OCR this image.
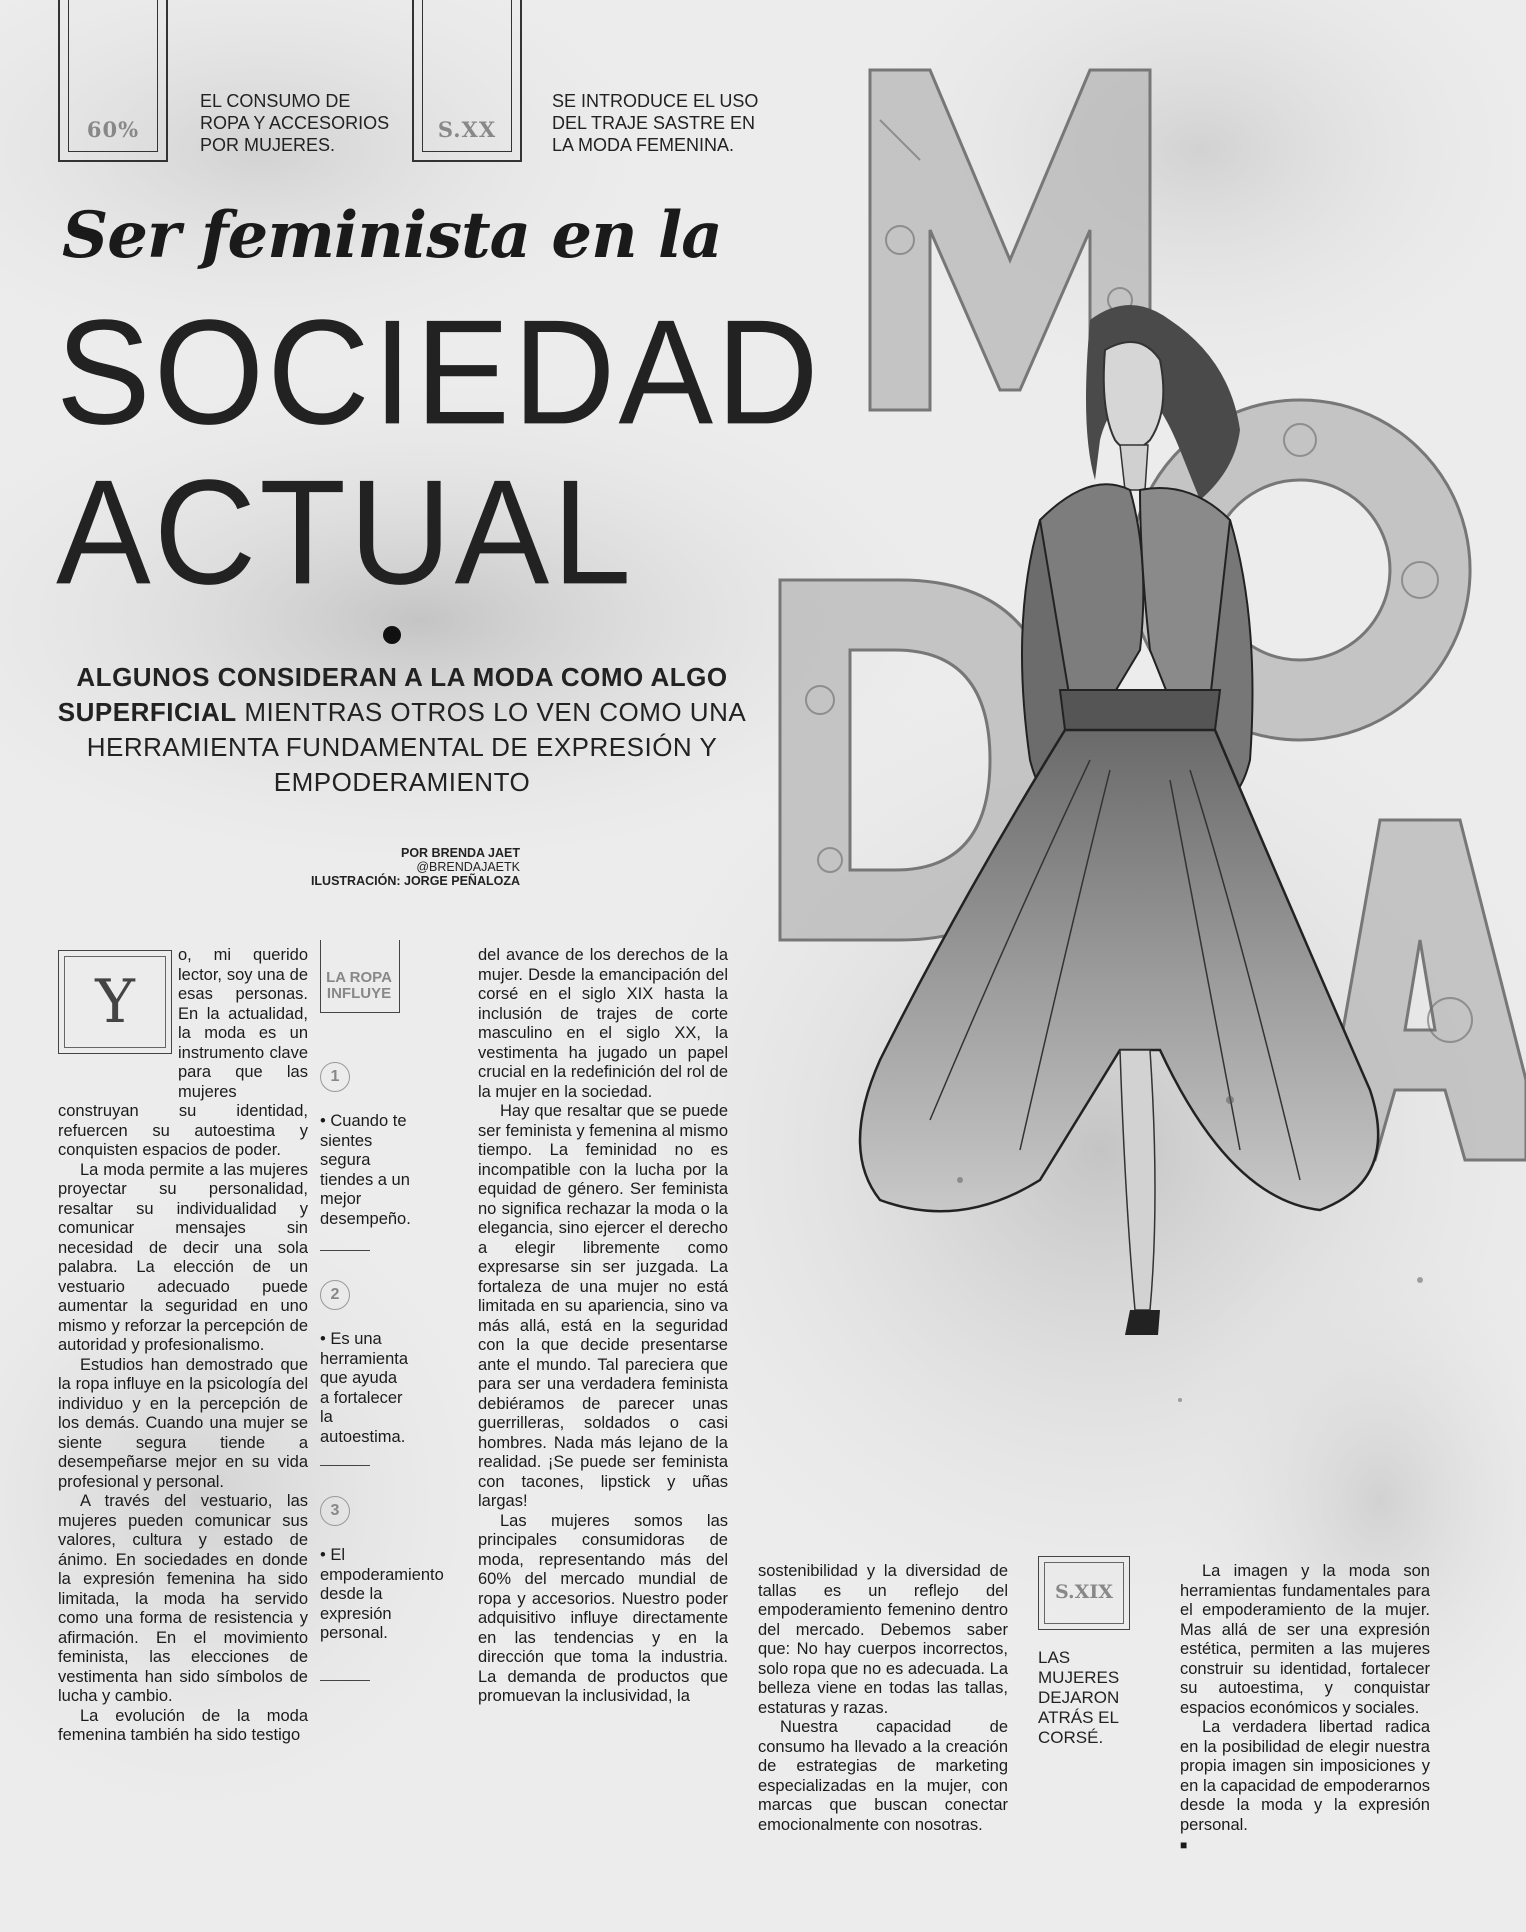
60%
EL CONSUMO DE
ROPA Y ACCESORIOS
POR MUJERES.
S.XX
SE INTRODUCE EL USO
DEL TRAJE SASTRE EN
LA MODA FEMENINA.
Ser feminista en la
SOCIEDAD
ACTUAL
ALGUNOS CONSIDERAN A LA MODA COMO ALGO SUPERFICIAL MIENTRAS OTROS LO VEN COMO UNA HERRAMIENTA FUNDAMENTAL DE EXPRESIÓN Y EMPODERAMIENTO
POR BRENDA JAET
@BRENDAJAETK
ILUSTRACIÓN: JORGE PEÑALOZA
Y

o, mi querido lector, soy una de esas personas. En la actualidad, la moda es un instrumento clave para que las mujeres construyan su identidad, refuercen su autoestima y conquisten espacios de poder.

La moda permite a las mujeres proyectar su personalidad, resaltar su individualidad y comunicar mensajes sin necesidad de decir una sola palabra. La elección de un vestuario adecuado puede aumentar la seguridad en uno mismo y reforzar la percepción de autoridad y profesionalismo.

Estudios han demostrado que la ropa influye en la psicología del individuo y en la percepción de los demás. Cuando una mujer se siente segura tiende a desempeñarse mejor en su vida profesional y personal.

A través del vestuario, las mujeres pueden comunicar sus valores, cultura y estado de ánimo. En sociedades en donde la expresión femenina ha sido limitada, la moda ha servido como una forma de resistencia y afirmación. En el movimiento feminista, las elecciones de vestimenta han sido símbolos de lucha y cambio.

La evolución de la moda femenina también ha sido testigo

LA ROPA INFLUYE
1
• Cuando te sientes segura tiendes a un mejor desempeño.
2
• Es una herramienta que ayuda a fortalecer la autoestima.
3
• El empoderamiento desde la expresión personal.

del avance de los derechos de la mujer. Desde la emancipación del corsé en el siglo XIX hasta la inclusión de trajes de corte masculino en el siglo XX, la vestimenta ha jugado un papel crucial en la redefinición del rol de la mujer en la sociedad.

Hay que resaltar que se puede ser feminista y femenina al mismo tiempo. La feminidad no es incompatible con la lucha por la equidad de género. Ser feminista no significa rechazar la moda o la elegancia, sino ejercer el derecho a elegir libremente como expresarse sin ser juzgada. La fortaleza de una mujer no está limitada en su apariencia, sino va más allá, está en la seguridad con la que decide presentarse ante el mundo. Tal pareciera que para ser una verdadera feminista debiéramos de parecer unas guerrilleras, soldados o casi hombres. Nada más lejano de la realidad. ¡Se puede ser feminista con tacones, lipstick y uñas largas!

Las mujeres somos las principales consumidoras de moda, representando más del 60% del mercado mundial de ropa y accesorios. Nuestro poder adquisitivo influye directamente en las tendencias y en la dirección que toma la industria. La demanda de productos que promuevan la inclusividad, la

sostenibilidad y la diversidad de tallas es un reflejo del empoderamiento femenino dentro del mercado. Debemos saber que: No hay cuerpos incorrectos, solo ropa que no es adecuada. La belleza viene en todas las tallas, estaturas y razas.

Nuestra capacidad de consumo ha llevado a la creación de estrategias de marketing especializadas en la mujer, con marcas que buscan conectar emocionalmente con nosotras.

S.XIX
LAS MUJERES DEJARON ATRÁS EL CORSÉ.

La imagen y la moda son herramientas fundamentales para el empoderamiento de la mujer. Mas allá de ser una expresión estética, permiten a las mujeres construir su identidad, fortalecer su autoestima, y conquistar espacios económicos y sociales.

La verdadera libertad radica en la posibilidad de elegir nuestra propia imagen sin imposiciones y en la capacidad de empoderarnos desde la moda y la expresión personal.

■
